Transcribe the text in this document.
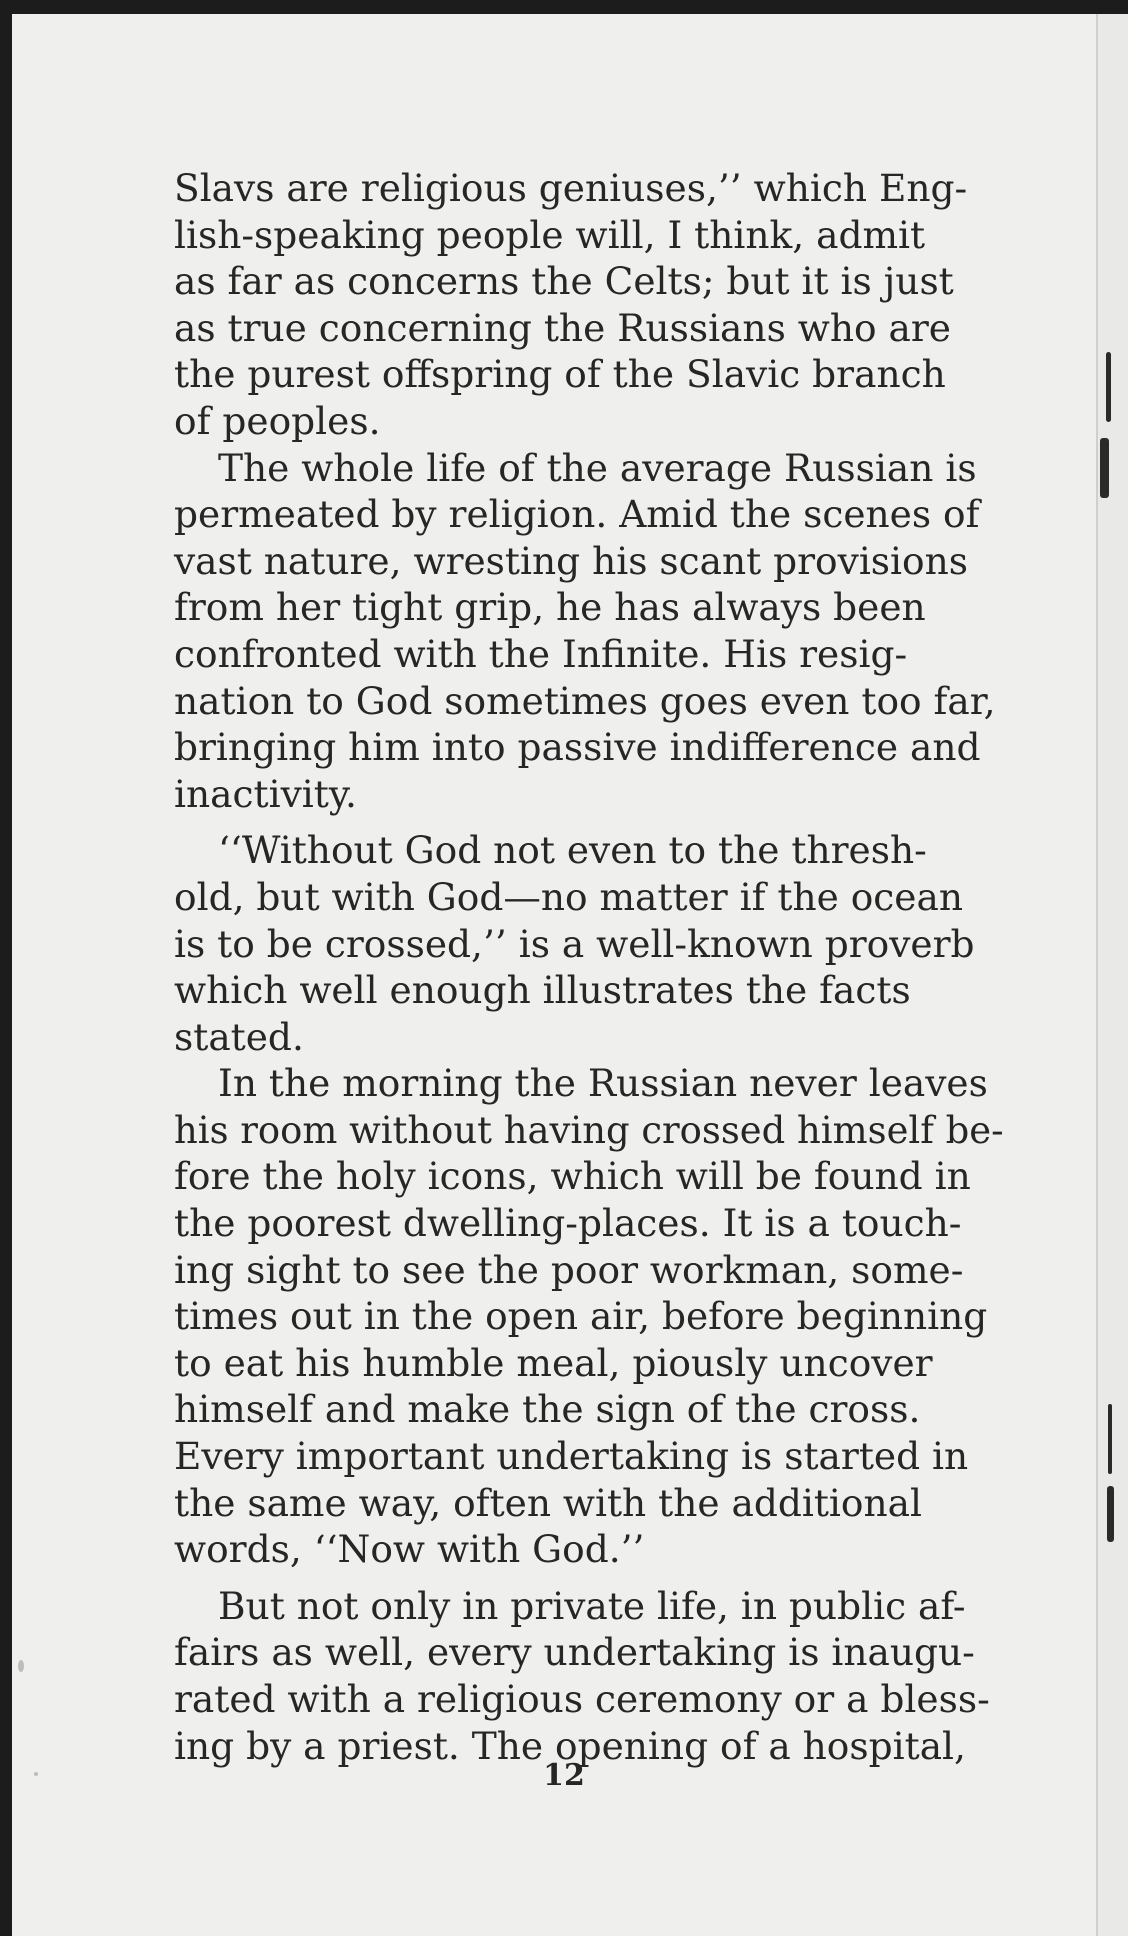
Slavs are religious geniuses,’’ which Eng-
lish-speaking people will, I think, admit
as far as concerns the Celts; but it is just
as true concerning the Russians who are
the purest offspring of the Slavic branch
of peoples.

The whole life of the average Russian is
permeated by religion. Amid the scenes of
vast nature, wresting his scant provisions
from her tight grip, he has always been
confronted with the Infinite. His resig-
nation to God sometimes goes even too far,
bringing him into passive indifference and
inactivity.

‘‘Without God not even to the thresh-
old, but with God—no matter if the ocean
is to be crossed,’’ is a well-known proverb
which well enough illustrates the facts
stated.

In the morning the Russian never leaves
his room without having crossed himself be-
fore the holy icons, which will be found in
the poorest dwelling-places. It is a touch-
ing sight to see the poor workman, some-
times out in the open air, before beginning
to eat his humble meal, piously uncover
himself and make the sign of the cross.
Every important undertaking is started in
the same way, often with the additional
words, ‘‘Now with God.’’

But not only in private life, in public af-
fairs as well, every undertaking is inaugu-
rated with a religious ceremony or a bless-
ing by a priest. The opening of a hospital,

12
